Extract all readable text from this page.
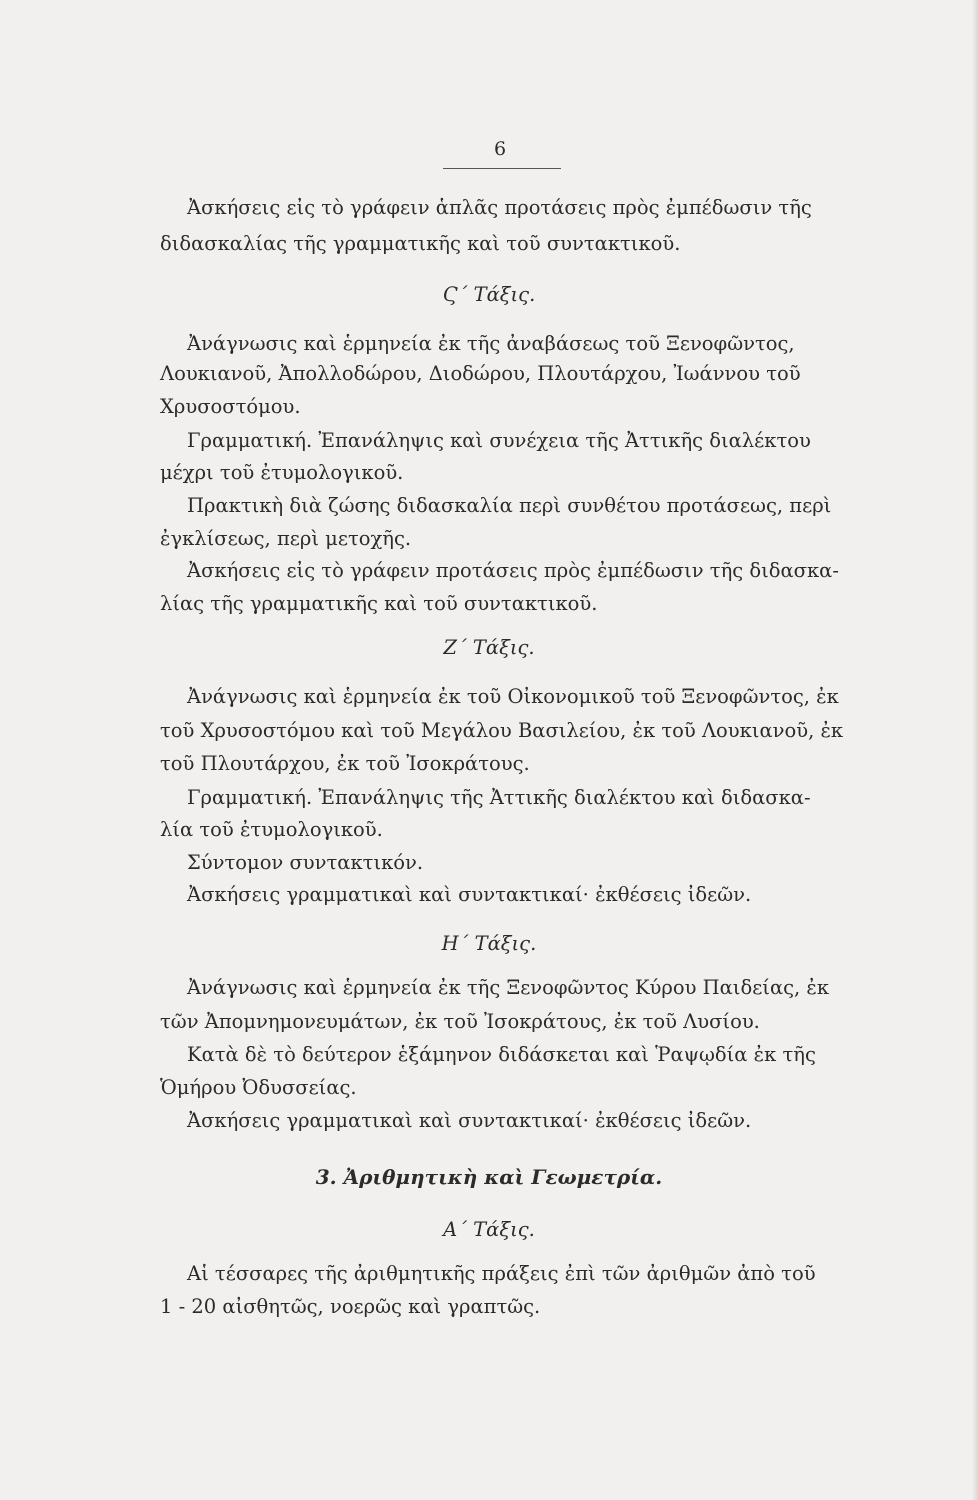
6
Ἀσκήσεις εἰς τὸ γράφειν ἁπλᾶς προτάσεις πρὸς ἐμπέδωσιν τῆς
διδασκαλίας τῆς γραμματικῆς καὶ τοῦ συντακτικοῦ.
Ϛ΄ Τάξις.
Ἀνάγνωσις καὶ ἑρμηνεία ἐκ τῆς ἀναβάσεως τοῦ Ξενοφῶντος,
Λουκιανοῦ, Ἀπολλοδώρου, Διοδώρου, Πλουτάρχου, Ἰωάννου τοῦ
Χρυσοστόμου.
Γραμματική. Ἐπανάληψις καὶ συνέχεια τῆς Ἀττικῆς διαλέκτου
μέχρι τοῦ ἐτυμολογικοῦ.
Πρακτικὴ διὰ ζώσης διδασκαλία περὶ συνθέτου προτάσεως, περὶ
ἐγκλίσεως, περὶ μετοχῆς.
Ἀσκήσεις εἰς τὸ γράφειν προτάσεις πρὸς ἐμπέδωσιν τῆς διδασκα-
λίας τῆς γραμματικῆς καὶ τοῦ συντακτικοῦ.
Ζ΄ Τάξις.
Ἀνάγνωσις καὶ ἑρμηνεία ἐκ τοῦ Οἰκονομικοῦ τοῦ Ξενοφῶντος, ἐκ
τοῦ Χρυσοστόμου καὶ τοῦ Μεγάλου Βασιλείου, ἐκ τοῦ Λουκιανοῦ, ἐκ
τοῦ Πλουτάρχου, ἐκ τοῦ Ἰσοκράτους.
Γραμματική. Ἐπανάληψις τῆς Ἀττικῆς διαλέκτου καὶ διδασκα-
λία τοῦ ἐτυμολογικοῦ.
Σύντομον συντακτικόν.
Ἀσκήσεις γραμματικαὶ καὶ συντακτικαί· ἐκθέσεις ἰδεῶν.
Η΄ Τάξις.
Ἀνάγνωσις καὶ ἑρμηνεία ἐκ τῆς Ξενοφῶντος Κύρου Παιδείας, ἐκ
τῶν Ἀπομνημονευμάτων, ἐκ τοῦ Ἰσοκράτους, ἐκ τοῦ Λυσίου.
Κατὰ δὲ τὸ δεύτερον ἑξάμηνον διδάσκεται καὶ Ῥαψῳδία ἐκ τῆς
Ὁμήρου Ὀδυσσείας.
Ἀσκήσεις γραμματικαὶ καὶ συντακτικαί· ἐκθέσεις ἰδεῶν.
3. Ἀριθμητικὴ καὶ Γεωμετρία.
Α΄ Τάξις.
Αἱ τέσσαρες τῆς ἀριθμητικῆς πράξεις ἐπὶ τῶν ἀριθμῶν ἀπὸ τοῦ
1 - 20 αἰσθητῶς, νοερῶς καὶ γραπτῶς.
